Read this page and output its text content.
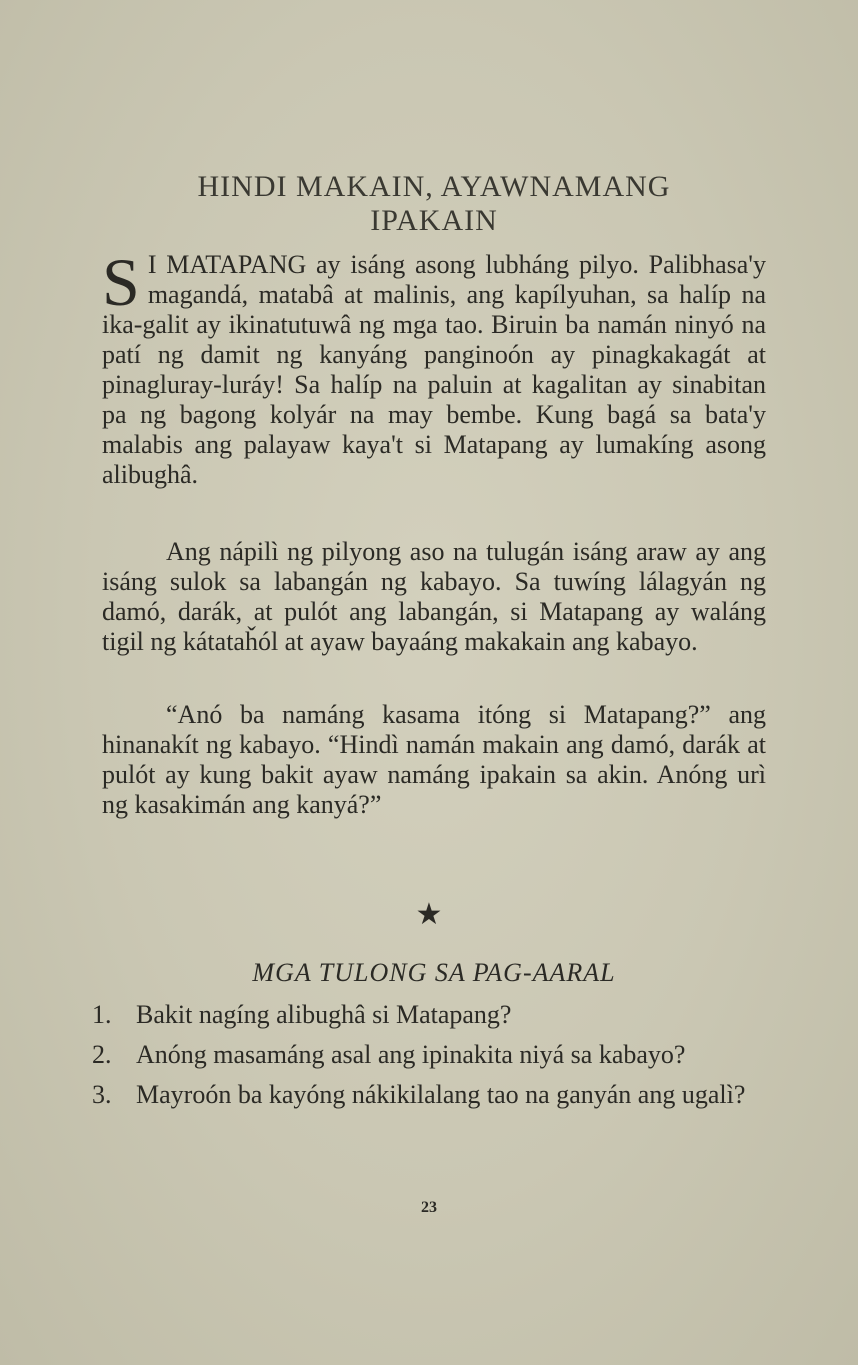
HINDI MAKAIN, AYAWNAMANG
IPAKAIN

S I MATAPANG ay isáng asong lubháng pilyo. Palibhasa'y magandá, matabâ at malinis, ang kapílyuhan, sa halíp na ika-galit ay ikinatutuwâ ng mga tao. Biruin ba namán ninyó na patí ng damit ng kanyáng panginoón ay pinagkakagát at pinagluray-luráy! Sa halíp na paluin at kagalitan ay sinabitan pa ng bagong kolyár na may bembe. Kung bagá sa bata'y malabis ang palayaw kaya't si Matapang ay lumakíng asong alibughâ.

Ang nápilì ng pilyong aso na tulugán isáng araw ay ang isáng sulok sa labangán ng kabayo. Sa tuwíng lálagyán ng damó, darák, at pulót ang labangán, si Matapang ay waláng tigil ng kátataȟól at ayaw bayaáng makakain ang kabayo.

“Anó ba namáng kasama itóng si Matapang?” ang hinanakít ng kabayo. “Hindì namán makain ang damó, darák at pulót ay kung bakit ayaw namáng ipakain sa akin. Anóng urì ng kasakimán ang kanyá?”

★
MGA TULONG SA PAG-AARAL
1. Bakit nagíng alibughâ si Matapang?
2. Anóng masamáng asal ang ipinakita niyá sa kabayo?
3. Mayroón ba kayóng nákikilalang tao na ganyán ang ugalì?
23
